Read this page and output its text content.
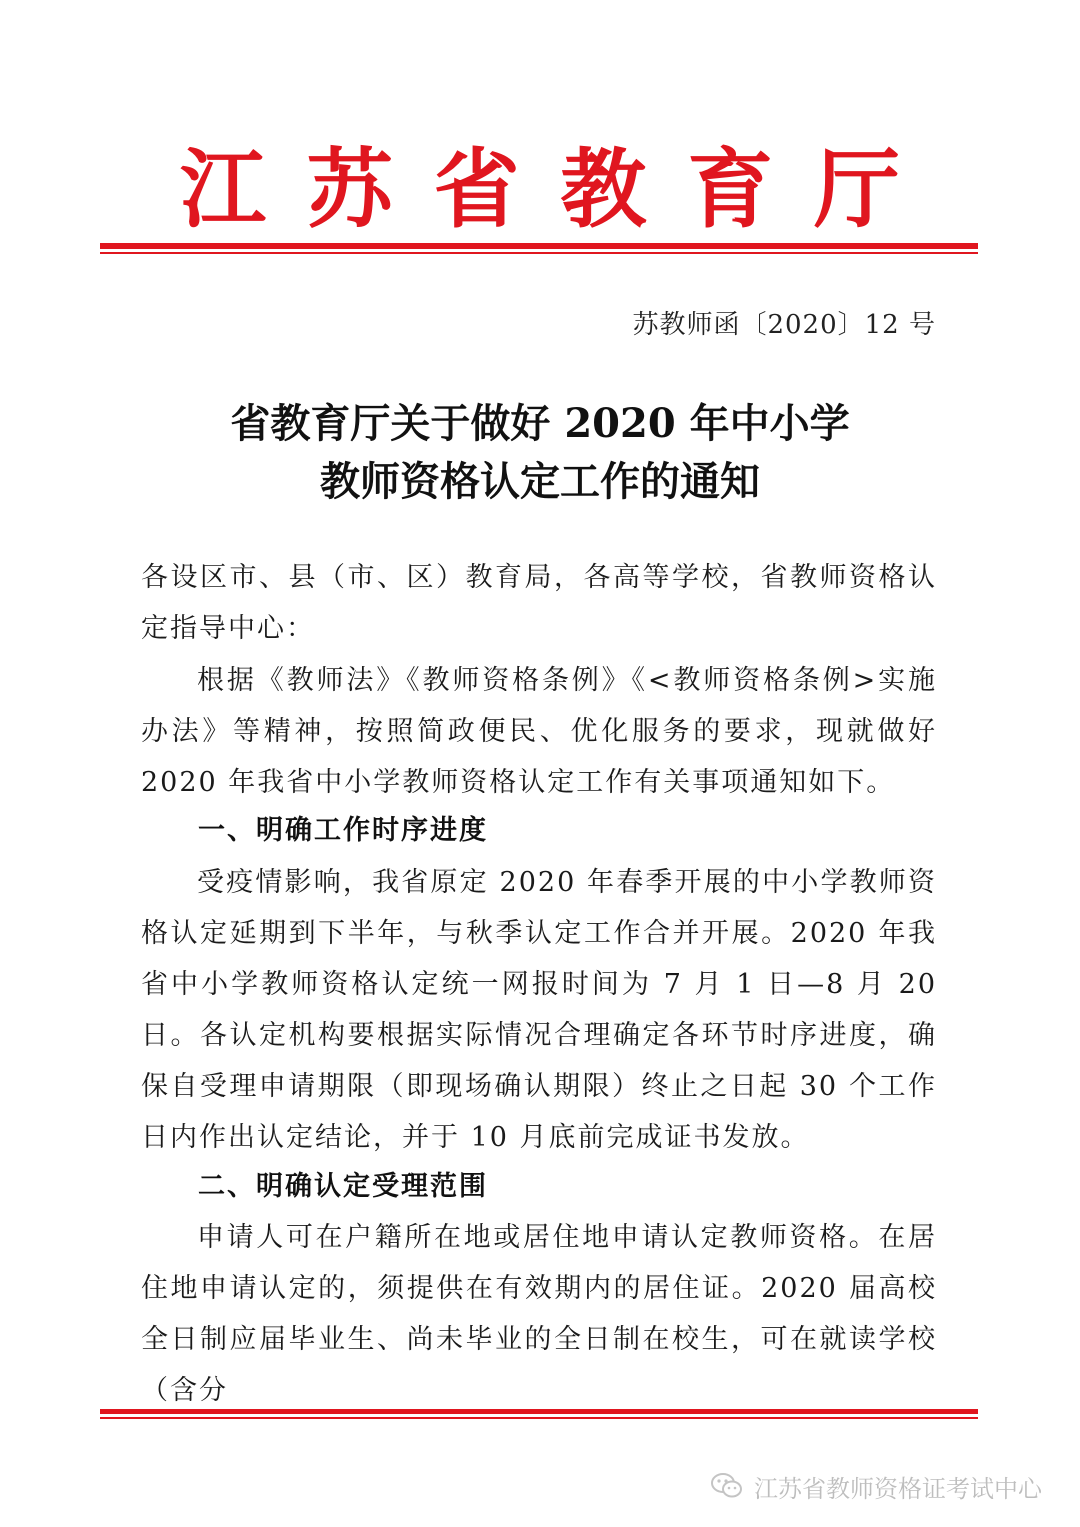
江 苏 省 教 育 厅
苏教师函〔2020〕12 号
省教育厅关于做好 2020 年中小学
教师资格认定工作的通知
各设区市、县（市、区）教育局，各高等学校，省教师资格认定指导中心：
根据《教师法》《教师资格条例》《<教师资格条例>实施办法》等精神，按照简政便民、优化服务的要求，现就做好 2020 年我省中小学教师资格认定工作有关事项通知如下。
一、明确工作时序进度
受疫情影响，我省原定 2020 年春季开展的中小学教师资格认定延期到下半年，与秋季认定工作合并开展。2020 年我省中小学教师资格认定统一网报时间为 7 月 1 日—8 月 20 日。各认定机构要根据实际情况合理确定各环节时序进度，确保自受理申请期限（即现场确认期限）终止之日起 30 个工作日内作出认定结论，并于 10 月底前完成证书发放。
二、明确认定受理范围
申请人可在户籍所在地或居住地申请认定教师资格。在居住地申请认定的，须提供在有效期内的居住证。2020 届高校全日制应届毕业生、尚未毕业的全日制在校生，可在就读学校（含分
江苏省教师资格证考试中心
